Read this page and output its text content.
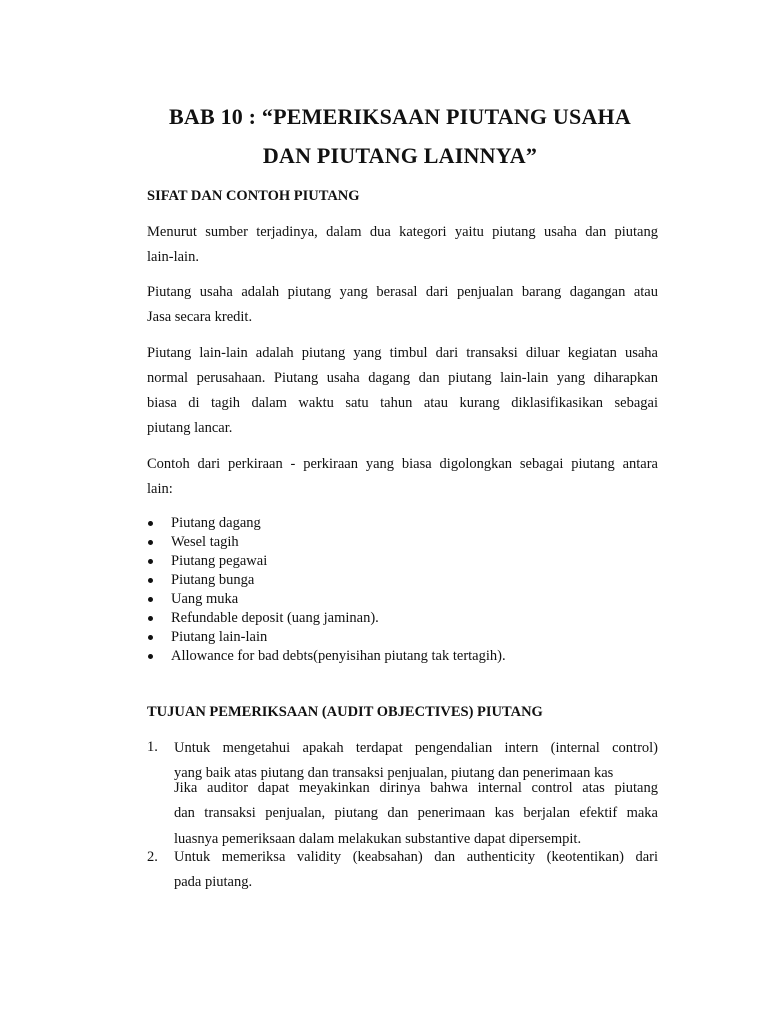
BAB 10 : “PEMERIKSAAN PIUTANG USAHA
DAN PIUTANG LAINNYA”
SIFAT DAN CONTOH PIUTANG
Menurut sumber terjadinya, dalam dua kategori yaitu piutang usaha dan piutang
lain-lain.
Piutang usaha adalah piutang yang berasal dari penjualan barang dagangan atau
Jasa secara kredit.
Piutang lain-lain adalah piutang yang timbul dari transaksi diluar kegiatan usaha
normal perusahaan. Piutang usaha dagang dan piutang lain-lain yang diharapkan
biasa di tagih dalam waktu satu tahun atau kurang diklasifikasikan sebagai
piutang lancar.
Contoh dari perkiraan - perkiraan yang biasa digolongkan sebagai piutang antara
lain:
Piutang dagang
Wesel tagih
Piutang pegawai
Piutang bunga
Uang muka
Refundable deposit (uang jaminan).
Piutang lain-lain
Allowance for bad debts(penyisihan piutang tak tertagih).
TUJUAN PEMERIKSAAN (AUDIT OBJECTIVES) PIUTANG
1. Untuk mengetahui apakah terdapat pengendalian intern (internal control)
yang baik atas piutang dan transaksi penjualan, piutang dan penerimaan kas
Jika auditor dapat meyakinkan dirinya bahwa internal control atas piutang
dan transaksi penjualan, piutang dan penerimaan kas berjalan efektif maka
luasnya pemeriksaan dalam melakukan substantive dapat dipersempit.
2. Untuk memeriksa validity (keabsahan) dan authenticity (keotentikan) dari
pada piutang.
